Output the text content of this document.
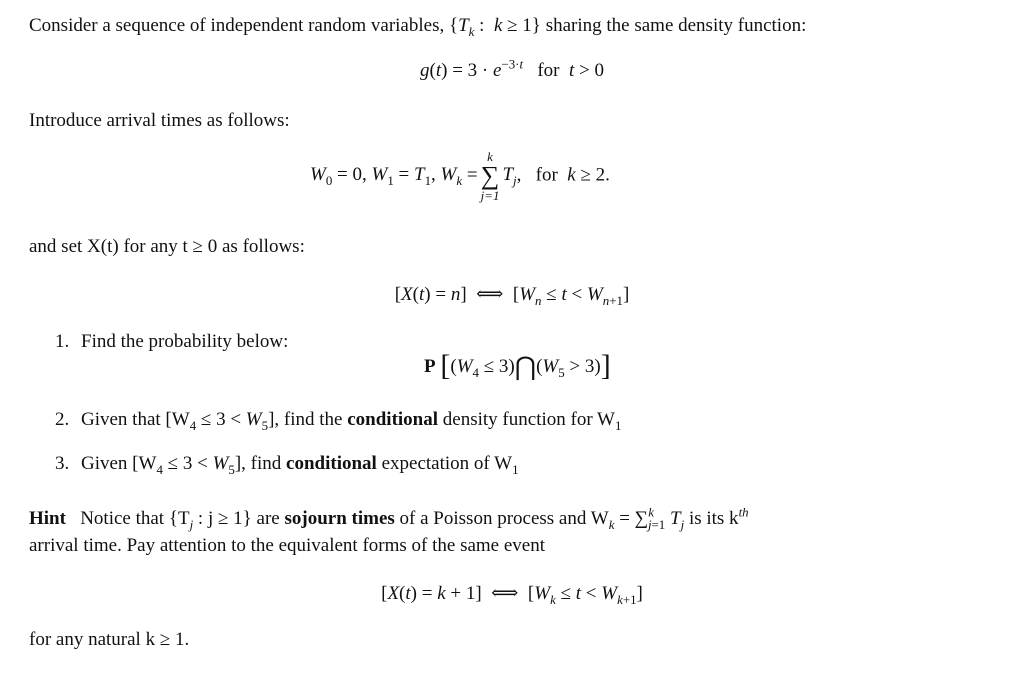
Consider a sequence of independent random variables, {$T_k$ :  k ≥ 1} sharing the same density function:
$g(t) = 3 \cdot e^{-3\cdot t}$ for t > 0
Introduce arrival times as follows:
$W_0 = 0$, $W_1 = T_1$, $W_k$ =
k
∑
j=1
$T_j$, for k ≥ 2.
and set X(t) for any t ≥ 0 as follows:
[X(t) = n]  ⟺  $[W_n \le t < W_{n+1}]$
1. Find the probability below:
P [($W_4$ ≤ $3)⋂(W_5 > 3)$]
2. Given that $[W_4 \le 3 < W_5]$, find the conditional density function for $W_1$
3. Given $[W_4 \le 3 < W_5]$, find conditional expectation of $W_1$
Hint Notice that {$T_j$ : j ≥ 1} are sojourn times of a Poisson process and $W_k = \sum^k_{j=1}$ $T_j$ is its $k^{th}$
arrival time. Pay attention to the equivalent forms of the same event
[X(t) = k + 1]  ⟺  $[W_k \le t < W_{k+1}]$
for any natural k ≥ 1.
